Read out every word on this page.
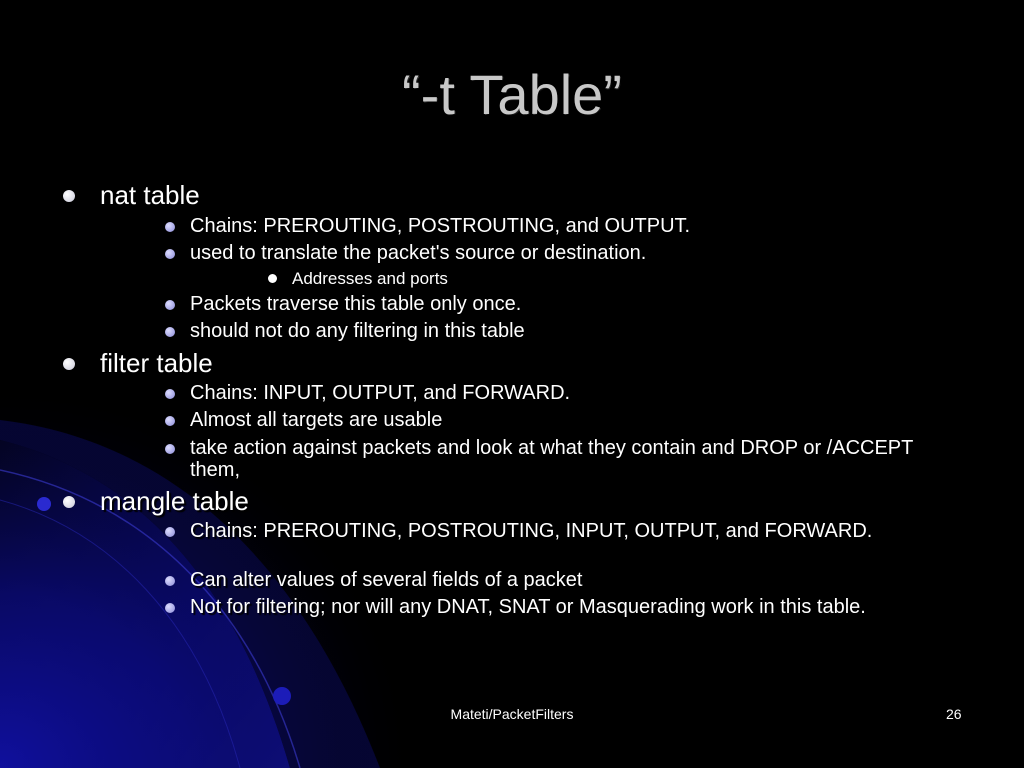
“-t Table”
nat table
Chains: PREROUTING, POSTROUTING, and OUTPUT.
used to translate the packet's source or destination.
Addresses and ports
Packets traverse this table only once.
should not do any filtering in this table
filter table
Chains: INPUT, OUTPUT, and FORWARD.
Almost all targets are usable
take action against packets and look at what they contain and DROP or /ACCEPT them,
mangle table
Chains: PREROUTING, POSTROUTING, INPUT, OUTPUT, and FORWARD.
Can alter values of several fields of a packet
Not for filtering; nor will any DNAT, SNAT or Masquerading work in this table.
Mateti/PacketFilters	26
